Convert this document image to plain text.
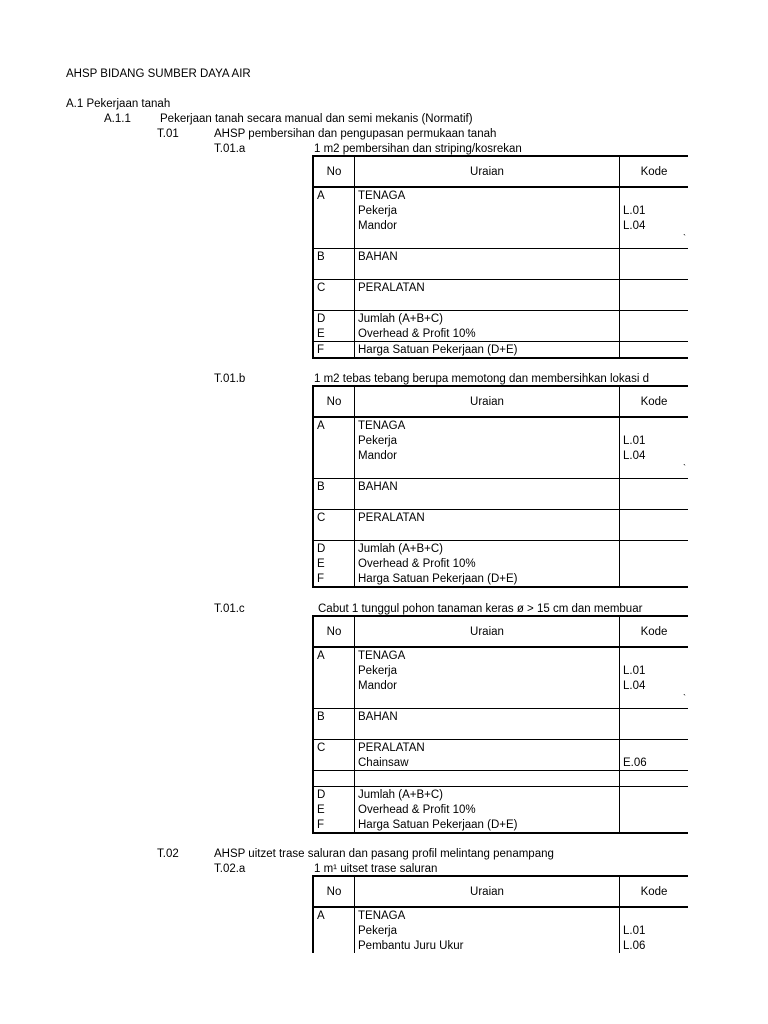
AHSP BIDANG SUMBER DAYA AIR
A.1 Pekerjaan tanah
A.1.1	Pekerjaan tanah secara manual dan semi mekanis (Normatif)
T.01	AHSP pembersihan dan pengupasan permukaan tanah
T.01.a	1 m2 pembersihan dan striping/kosrekan
No	Uraian	Kode
A	TENAGA	
	Pekerja	L.01
	Mandor	L.04

		`

B	BAHAN	

C	PERALATAN	

D	Jumlah (A+B+C)	
E	Overhead & Profit 10%	
F	Harga Satuan Pekerjaan (D+E)	
T.01.b	1 m2 tebas tebang berupa memotong dan membersihkan lokasi d
No	Uraian	Kode
A	TENAGA	
	Pekerja	L.01
	Mandor	L.04

		`

B	BAHAN	

C	PERALATAN	

D	Jumlah (A+B+C)	
E	Overhead & Profit 10%	
F	Harga Satuan Pekerjaan (D+E)	
T.01.c	Cabut 1 tunggul pohon tanaman keras ø > 15 cm dan membuar
No	Uraian	Kode
A	TENAGA	
	Pekerja	L.01
	Mandor	L.04

		`

B	BAHAN	

C	PERALATAN	
	Chainsaw	E.06

D	Jumlah (A+B+C)	
E	Overhead & Profit 10%	
F	Harga Satuan Pekerjaan (D+E)	
T.02	AHSP uitzet trase saluran dan pasang profil melintang penampang
T.02.a	1 m¹ uitset trase saluran
No	Uraian	Kode
A	TENAGA	
	Pekerja	L.01
	Pembantu Juru Ukur	L.06
